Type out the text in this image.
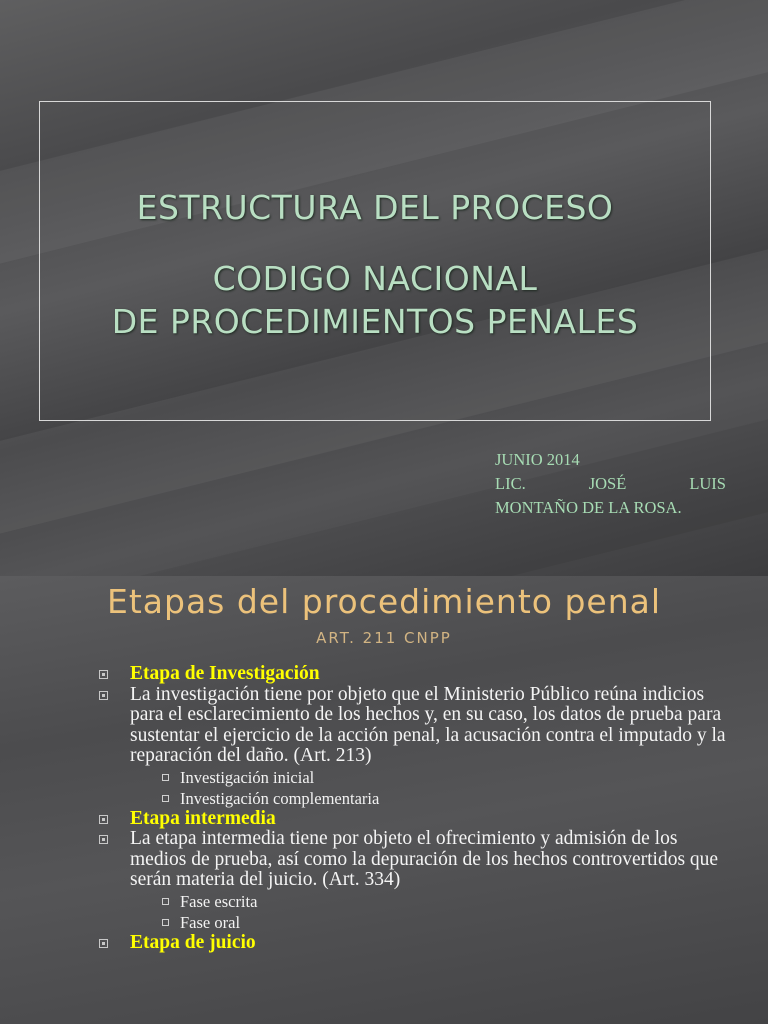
ESTRUCTURA DEL PROCESO
CODIGO NACIONAL
DE PROCEDIMIENTOS PENALES
JUNIO 2014
LIC.	JOSÉ	LUIS
MONTAÑO DE LA ROSA.
Etapas del procedimiento penal
ART. 211 CNPP
Etapa de Investigación
La investigación tiene por objeto que el Ministerio Público reúna indicios para el esclarecimiento de los hechos y, en su caso, los datos de prueba para sustentar el ejercicio de la acción penal, la acusación contra el imputado y la reparación del daño. (Art. 213)
Investigación inicial
Investigación complementaria
Etapa intermedia
La etapa intermedia tiene por objeto el ofrecimiento y admisión de los medios de prueba, así como la depuración de los hechos controvertidos que serán materia del juicio. (Art. 334)
Fase escrita
Fase oral
Etapa de juicio
